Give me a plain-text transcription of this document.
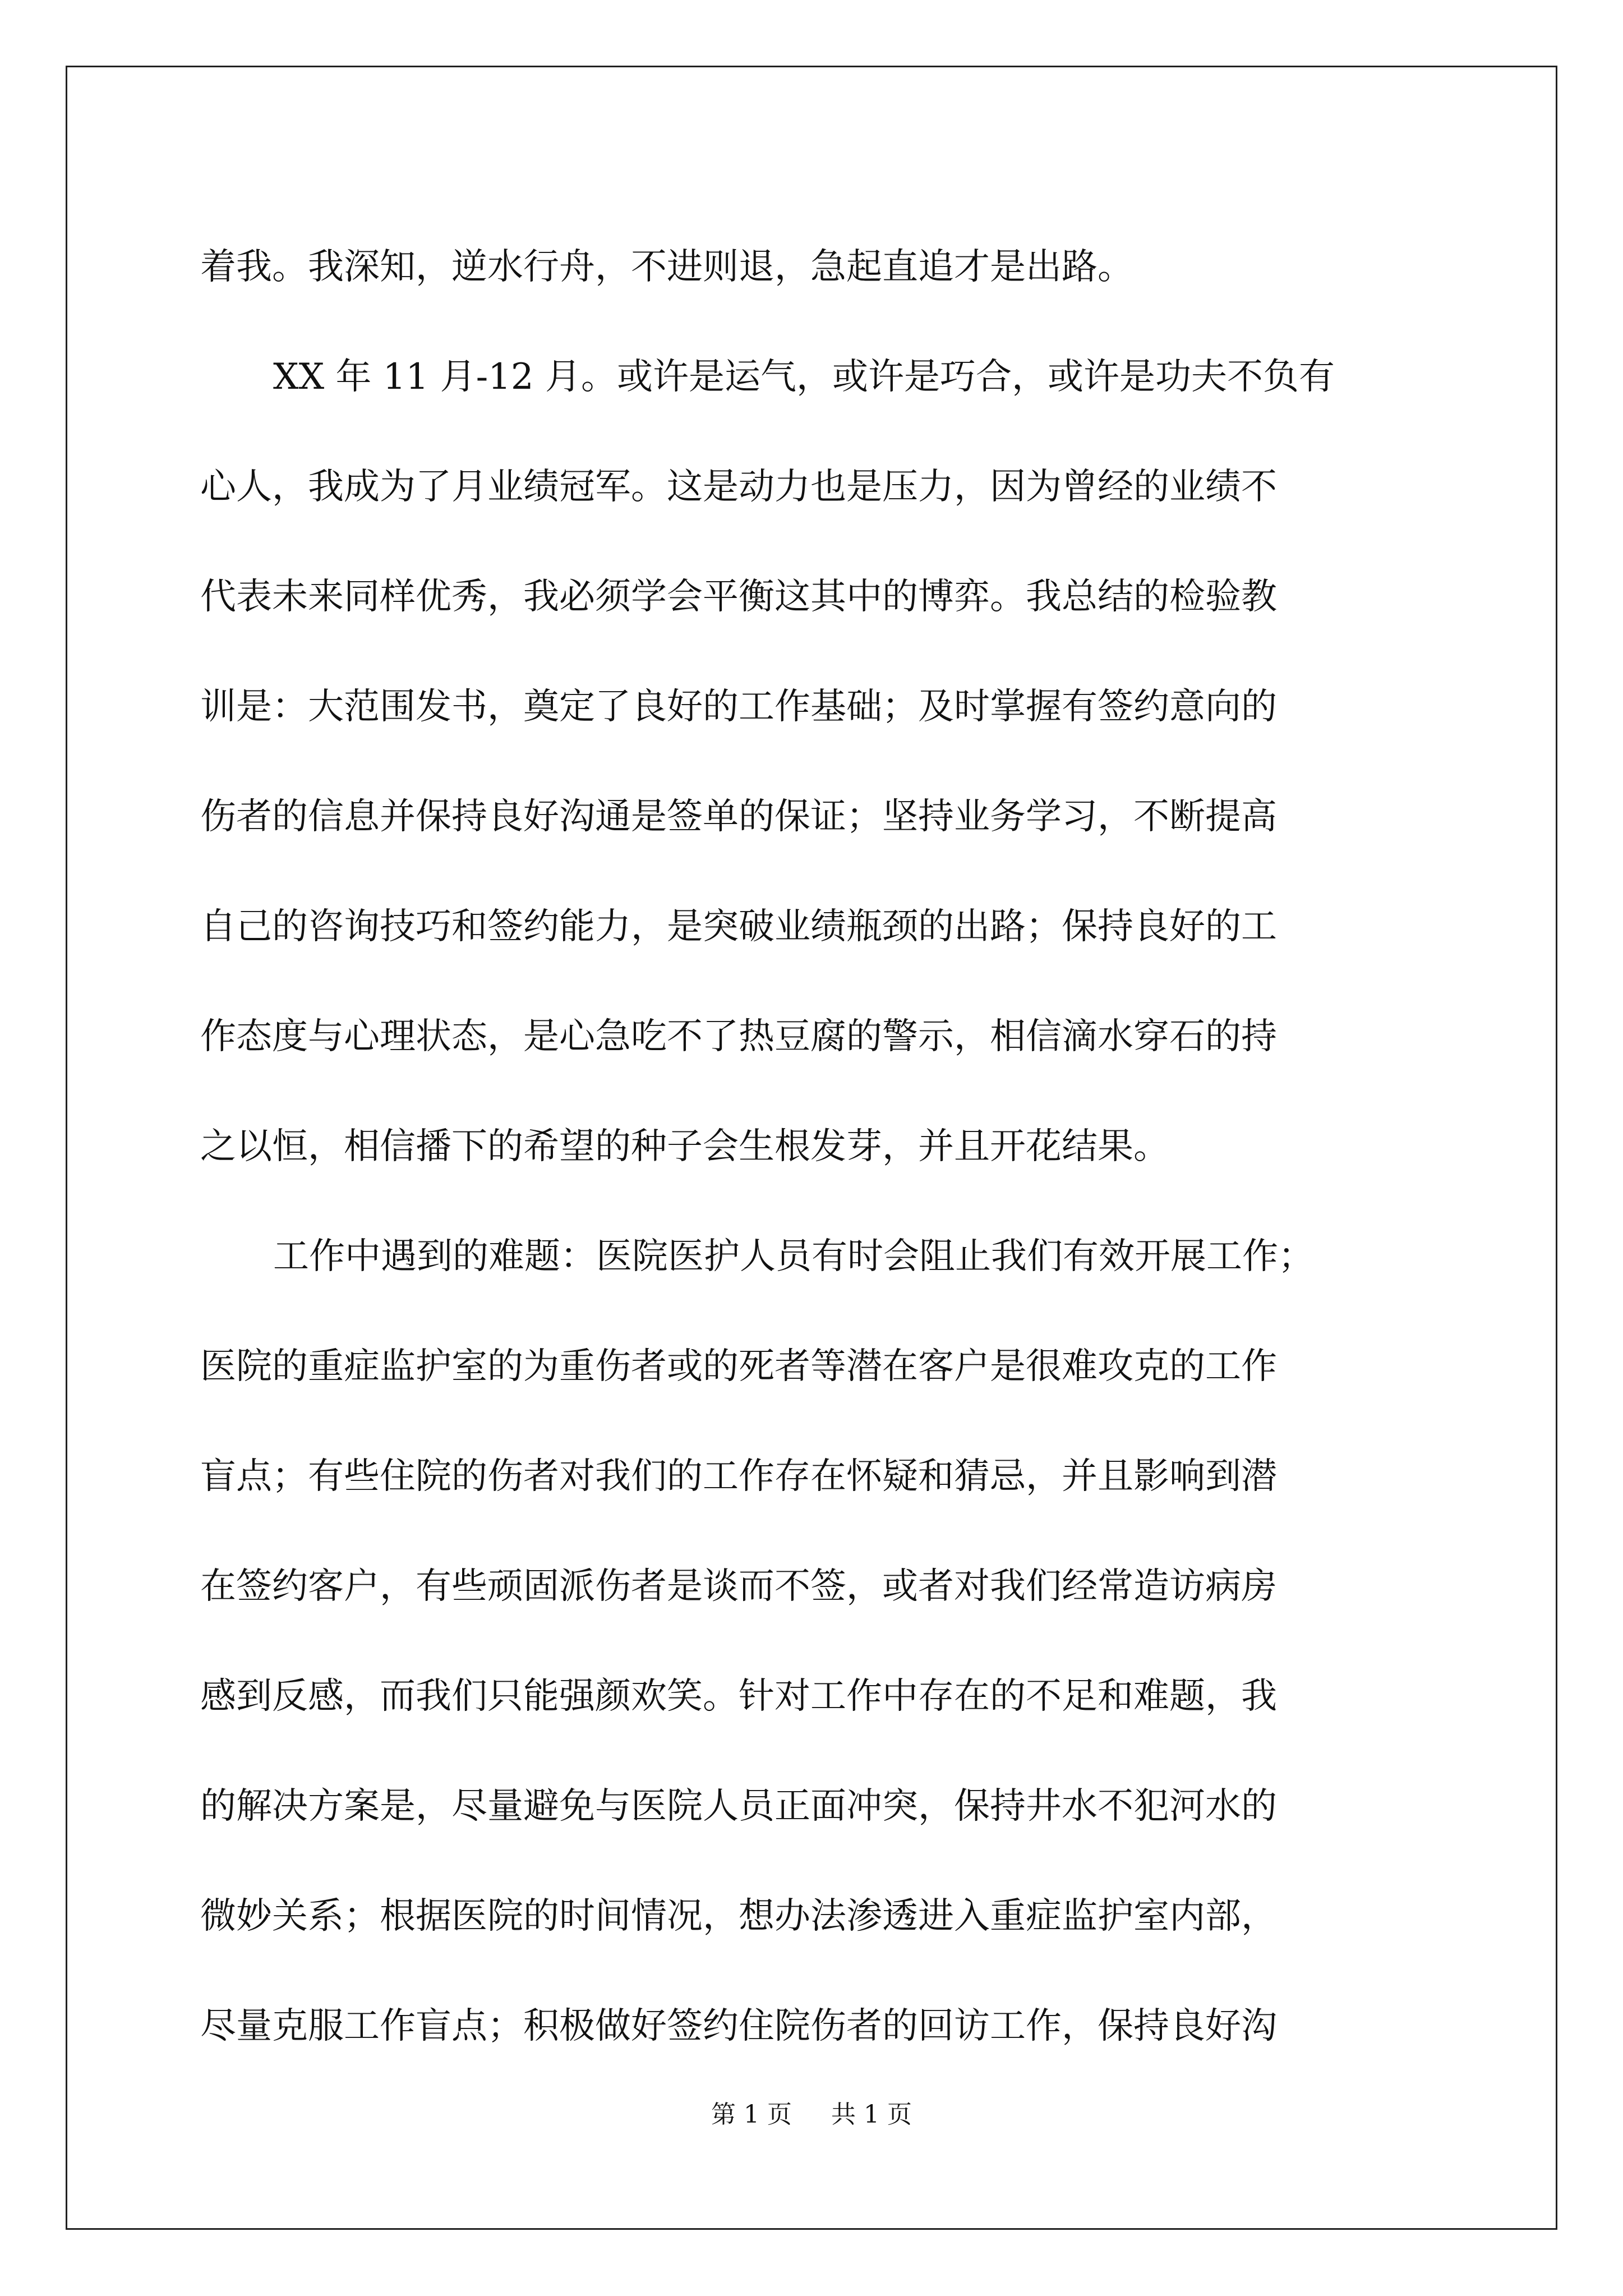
着我。我深知，逆水行舟，不进则退，急起直追才是出路。
XX 年 11 月-12 月。或许是运气，或许是巧合，或许是功夫不负有
心人，我成为了月业绩冠军。这是动力也是压力，因为曾经的业绩不
代表未来同样优秀，我必须学会平衡这其中的博弈。我总结的检验教
训是：大范围发书，奠定了良好的工作基础；及时掌握有签约意向的
伤者的信息并保持良好沟通是签单的保证；坚持业务学习，不断提高
自己的咨询技巧和签约能力，是突破业绩瓶颈的出路；保持良好的工
作态度与心理状态，是心急吃不了热豆腐的警示，相信滴水穿石的持
之以恒，相信播下的希望的种子会生根发芽，并且开花结果。
工作中遇到的难题：医院医护人员有时会阻止我们有效开展工作；
医院的重症监护室的为重伤者或的死者等潜在客户是很难攻克的工作
盲点；有些住院的伤者对我们的工作存在怀疑和猜忌，并且影响到潜
在签约客户，有些顽固派伤者是谈而不签，或者对我们经常造访病房
感到反感，而我们只能强颜欢笑。针对工作中存在的不足和难题，我
的解决方案是，尽量避免与医院人员正面冲突，保持井水不犯河水的
微妙关系；根据医院的时间情况，想办法渗透进入重症监护室内部，
尽量克服工作盲点；积极做好签约住院伤者的回访工作，保持良好沟
第 1 页 共 1 页
